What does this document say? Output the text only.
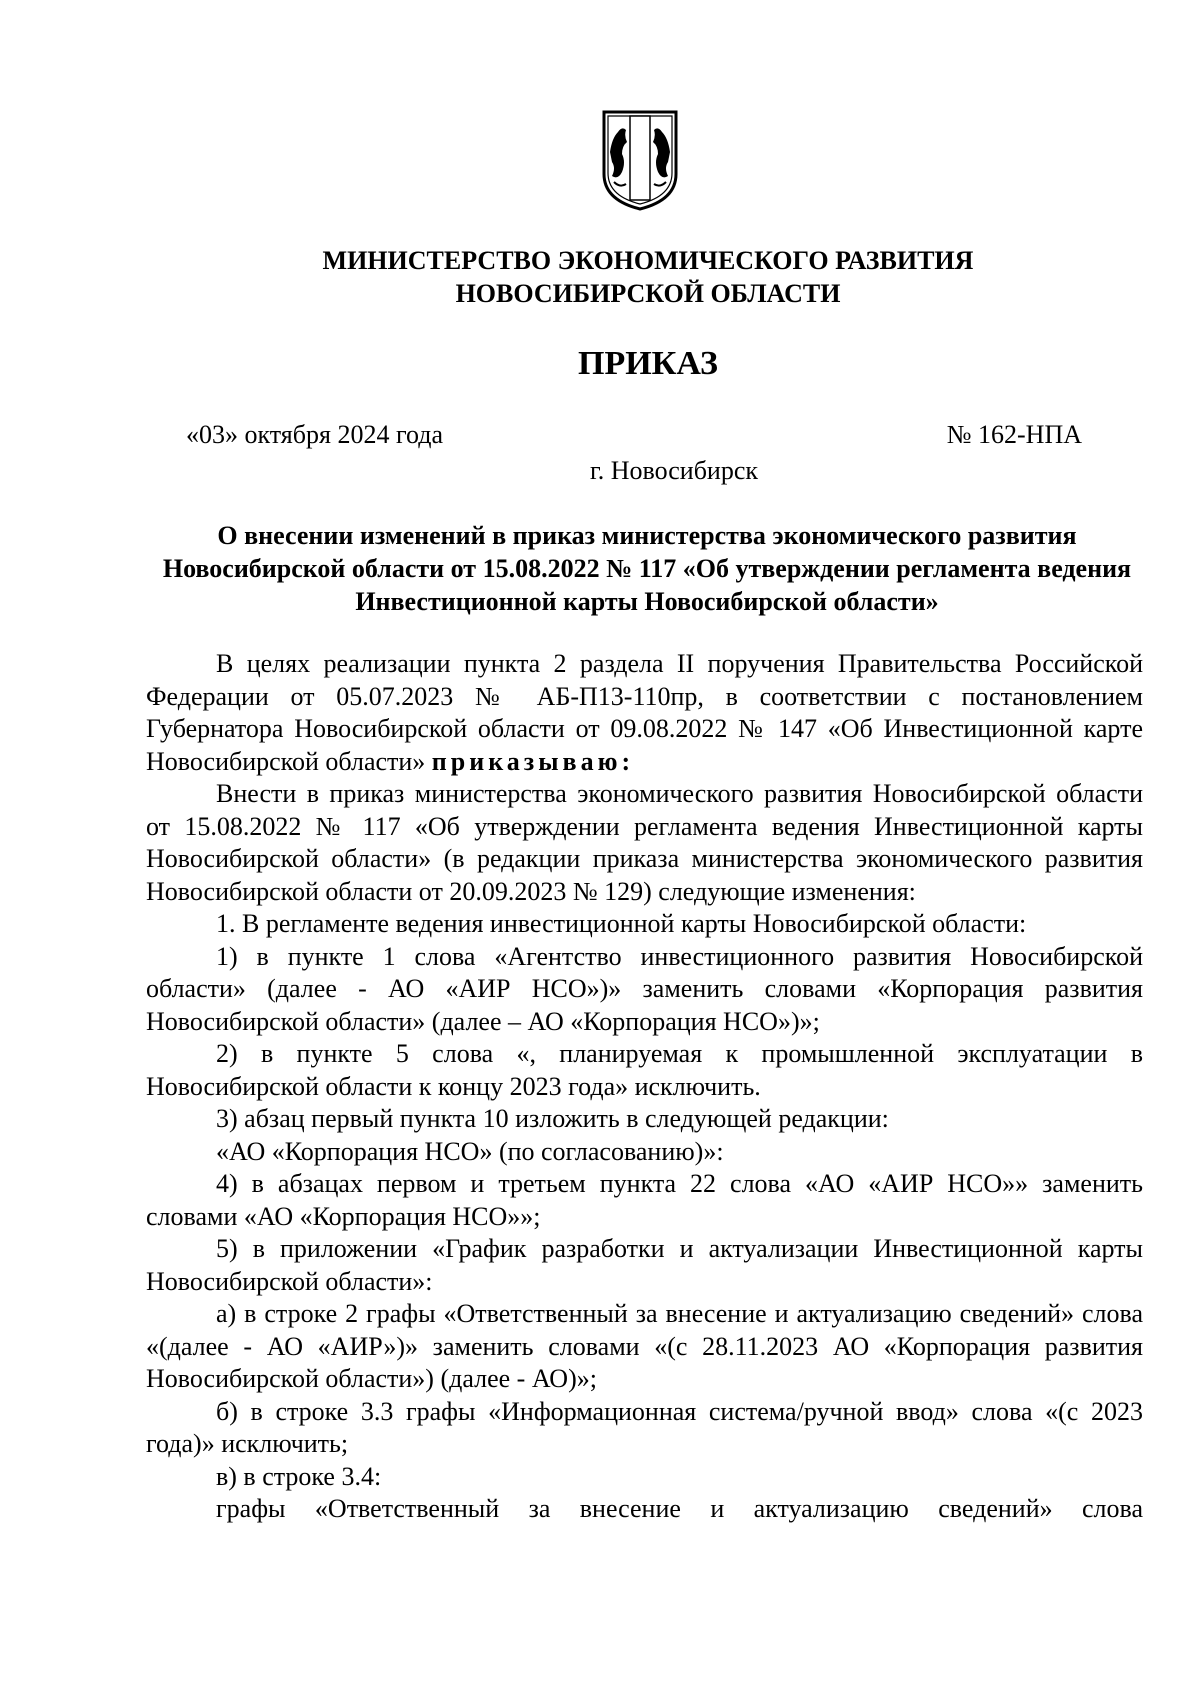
МИНИСТЕРСТВО ЭКОНОМИЧЕСКОГО РАЗВИТИЯ
НОВОСИБИРСКОЙ ОБЛАСТИ
ПРИКАЗ
«03» октября 2024 года	№ 162-НПА
г. Новосибирск
О внесении изменений в приказ министерства экономического развития Новосибирской области от 15.08.2022 № 117 «Об утверждении регламента ведения Инвестиционной карты Новосибирской области»

В целях реализации пункта 2 раздела II поручения Правительства Российской Федерации от 05.07.2023 № АБ-П13-110пр, в соответствии с постановлением Губернатора Новосибирской области от 09.08.2022 № 147 «Об Инвестиционной карте Новосибирской области» приказываю:

Внести в приказ министерства экономического развития Новосибирской области от 15.08.2022 № 117 «Об утверждении регламента ведения Инвестиционной карты Новосибирской области» (в редакции приказа министерства экономического развития Новосибирской области от 20.09.2023 № 129) следующие изменения:

1. В регламенте ведения инвестиционной карты Новосибирской области:

1) в пункте 1 слова «Агентство инвестиционного развития Новосибирской области» (далее - АО «АИР НСО»)» заменить словами «Корпорация развития Новосибирской области» (далее – АО «Корпорация НСО»)»;

2) в пункте 5 слова «, планируемая к промышленной эксплуатации в Новосибирской области к концу 2023 года» исключить.

3) абзац первый пункта 10 изложить в следующей редакции:

«АО «Корпорация НСО» (по согласованию)»:

4) в абзацах первом и третьем пункта 22 слова «АО «АИР НСО»» заменить словами «АО «Корпорация НСО»»;

5) в приложении «График разработки и актуализации Инвестиционной карты Новосибирской области»:

а) в строке 2 графы «Ответственный за внесение и актуализацию сведений» слова «(далее - АО «АИР»)» заменить словами «(с 28.11.2023 АО «Корпорация развития Новосибирской области») (далее - АО)»;

б) в строке 3.3 графы «Информационная система/ручной ввод» слова «(с 2023 года)» исключить;

в) в строке 3.4:

графы «Ответственный за внесение и актуализацию сведений» слова
